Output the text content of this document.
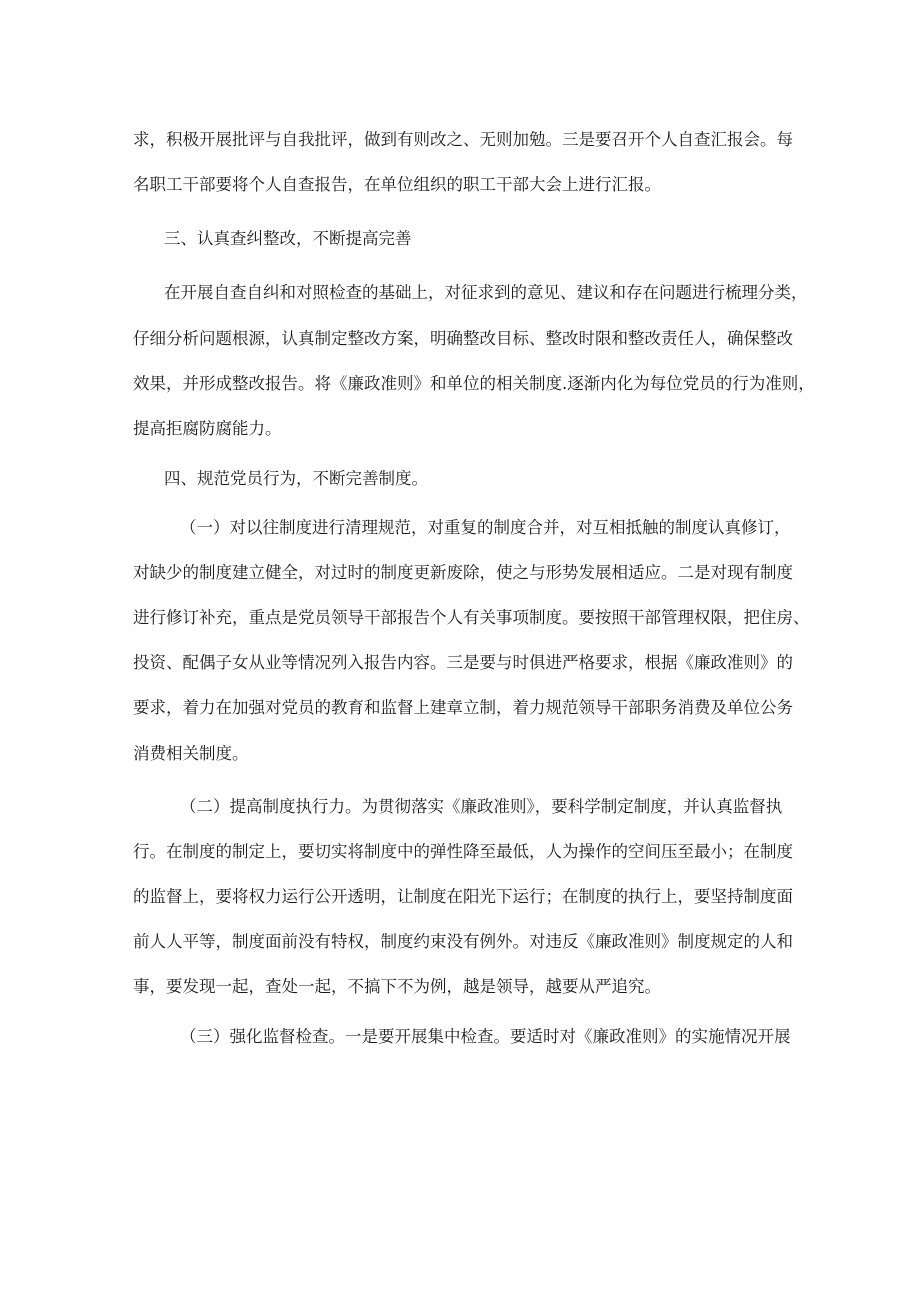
求，积极开展批评与自我批评，做到有则改之、无则加勉。三是要召开个人自查汇报会。每
名职工干部要将个人自查报告，在单位组织的职工干部大会上进行汇报。
三、认真查纠整改，不断提高完善
在开展自查自纠和对照检查的基础上，对征求到的意见、建议和存在问题进行梳理分类，
仔细分析问题根源，认真制定整改方案，明确整改目标、整改时限和整改责任人，确保整改
效果，并形成整改报告。将《廉政准则》和单位的相关制度.逐渐内化为每位党员的行为准则，
提高拒腐防腐能力。
四、规范党员行为，不断完善制度。
（一）对以往制度进行清理规范，对重复的制度合并，对互相抵触的制度认真修订，
对缺少的制度建立健全，对过时的制度更新废除，使之与形势发展相适应。二是对现有制度
进行修订补充，重点是党员领导干部报告个人有关事项制度。要按照干部管理权限，把住房、
投资、配偶子女从业等情况列入报告内容。三是要与时俱进严格要求，根据《廉政准则》的
要求，着力在加强对党员的教育和监督上建章立制，着力规范领导干部职务消费及单位公务
消费相关制度。
（二）提高制度执行力。为贯彻落实《廉政准则》，要科学制定制度，并认真监督执
行。在制度的制定上，要切实将制度中的弹性降至最低，人为操作的空间压至最小；在制度
的监督上，要将权力运行公开透明，让制度在阳光下运行；在制度的执行上，要坚持制度面
前人人平等，制度面前没有特权，制度约束没有例外。对违反《廉政准则》制度规定的人和
事，要发现一起，查处一起，不搞下不为例，越是领导，越要从严追究。
（三）强化监督检查。一是要开展集中检查。要适时对《廉政准则》的实施情况开展
